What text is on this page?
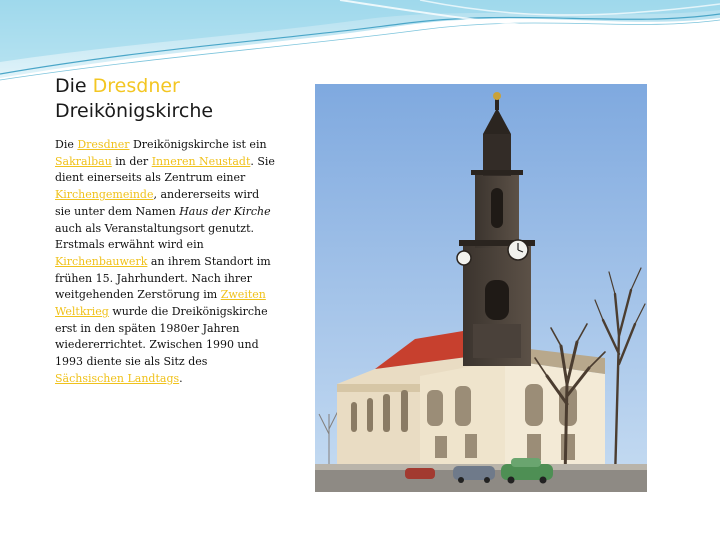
Die Dresdner
Dreikönigskirche

Die Dresdner Dreikönigskirche ist ein Sakralbau in der Inneren Neustadt. Sie dient einerseits als Zentrum einer Kirchengemeinde, andererseits wird sie unter dem Namen Haus der Kirche auch als Veranstaltungsort genutzt. Erstmals erwähnt wird ein Kirchenbauwerk an ihrem Standort im frühen 15. Jahrhundert. Nach ihrer weitgehenden Zerstörung im Zweiten Weltkrieg wurde die Dreikönigskirche erst in den späten 1980er Jahren wiedererrichtet. Zwischen 1990 und 1993 diente sie als Sitz des Sächsischen Landtags.
